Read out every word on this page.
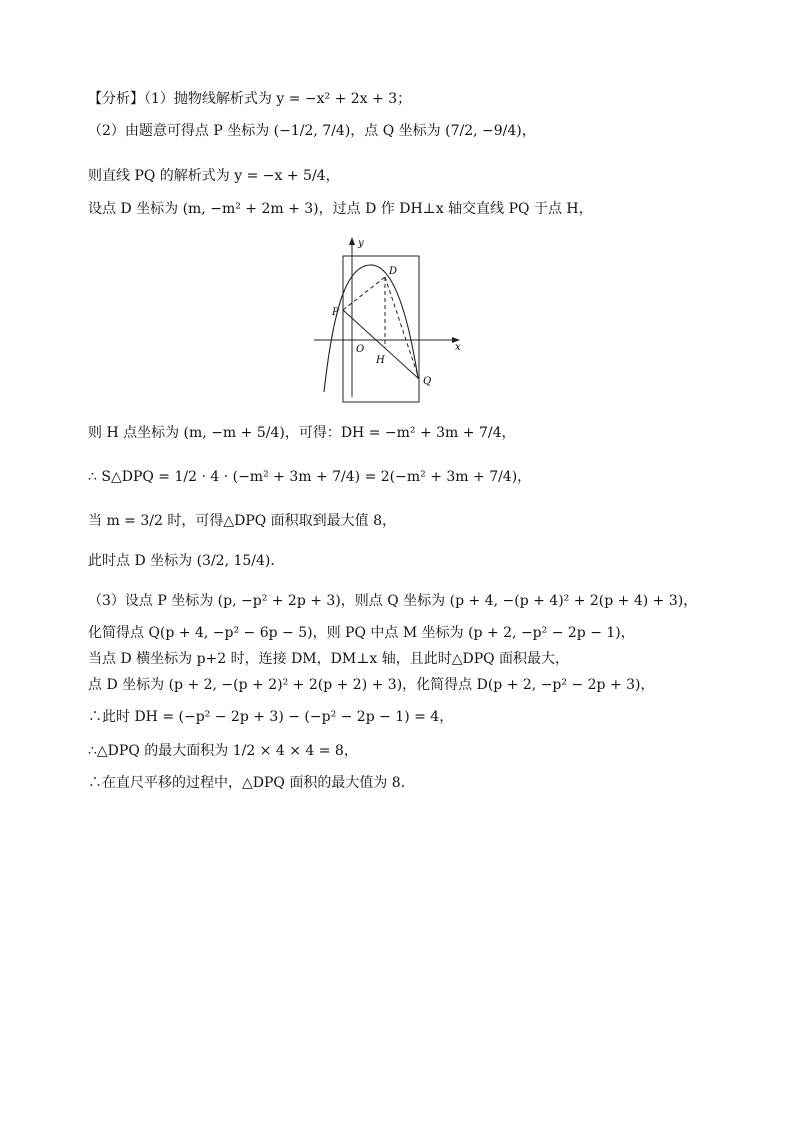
【分析】（1）抛物线解析式为 y = −x² + 2x + 3；
（2）由题意可得点 P 坐标为 (−1/2, 7/4)，点 Q 坐标为 (7/2, −9/4)，
则直线 PQ 的解析式为 y = −x + 5/4，
设点 D 坐标为 (m, −m² + 2m + 3)，过点 D 作 DH⊥x 轴交直线 PQ 于点 H，
y
x
O
P
D
H
Q
则 H 点坐标为 (m, −m + 5/4)，可得：DH = −m² + 3m + 7/4，
∴ S△DPQ = 1/2 · 4 · (−m² + 3m + 7/4) = 2(−m² + 3m + 7/4)，
当 m = 3/2 时，可得△DPQ 面积取到最大值 8，
此时点 D 坐标为 (3/2, 15/4)．
（3）设点 P 坐标为 (p, −p² + 2p + 3)，则点 Q 坐标为 (p + 4, −(p + 4)² + 2(p + 4) + 3)，
化简得点 Q(p + 4, −p² − 6p − 5)，则 PQ 中点 M 坐标为 (p + 2, −p² − 2p − 1)，
当点 D 横坐标为 p+2 时，连接 DM，DM⊥x 轴，且此时△DPQ 面积最大，
点 D 坐标为 (p + 2, −(p + 2)² + 2(p + 2) + 3)，化简得点 D(p + 2, −p² − 2p + 3)，
∴此时 DH = (−p² − 2p + 3) − (−p² − 2p − 1) = 4，
∴△DPQ 的最大面积为 1/2 × 4 × 4 = 8，
∴在直尺平移的过程中，△DPQ 面积的最大值为 8．
